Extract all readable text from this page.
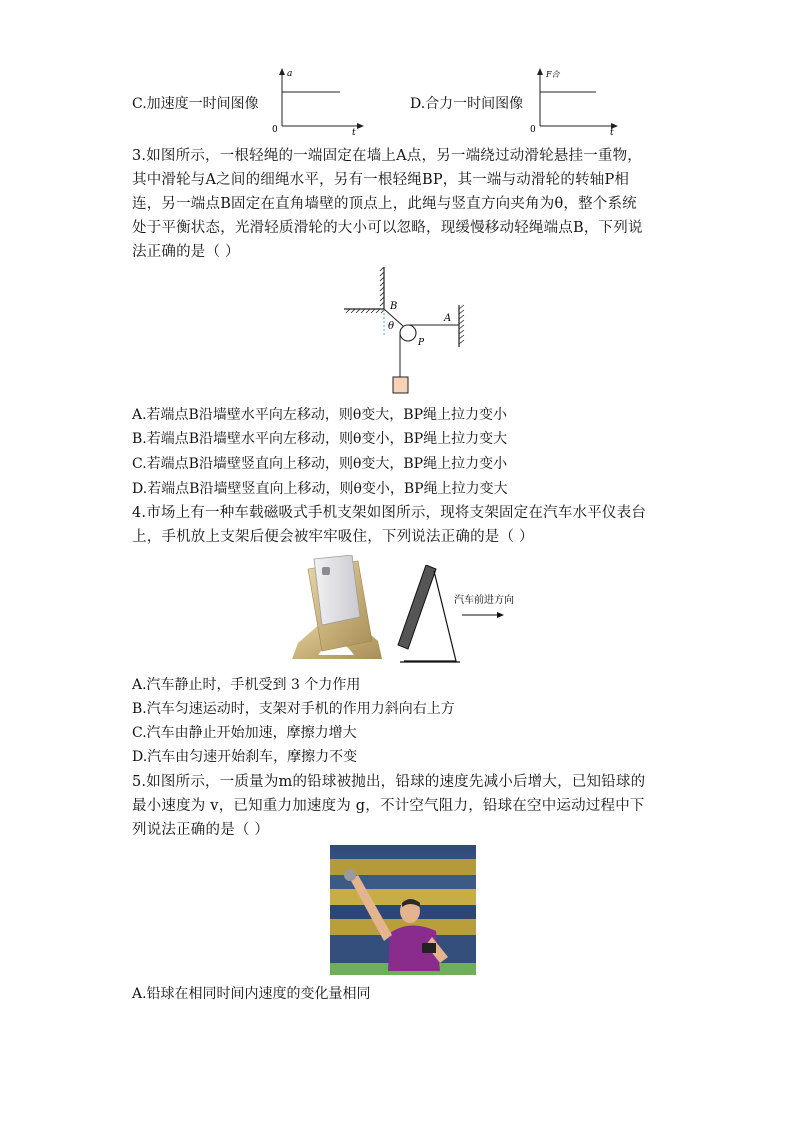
C.加速度一时间图像
a
0	t
D.合力一时间图像
F合
0	t
3.如图所示，一根轻绳的一端固定在墙上A点，另一端绕过动滑轮悬挂一重物，
其中滑轮与A之间的细绳水平，另有一根轻绳BP，其一端与动滑轮的转轴P相
连，另一端点B固定在直角墙壁的顶点上，此绳与竖直方向夹角为θ，整个系统
处于平衡状态，光滑轻质滑轮的大小可以忽略，现缓慢移动轻绳端点B，下列说
法正确的是（ ）
B
A
P
θ
A.若端点B沿墙壁水平向左移动，则θ变大，BP绳上拉力变小
B.若端点B沿墙壁水平向左移动，则θ变小，BP绳上拉力变大
C.若端点B沿墙壁竖直向上移动，则θ变大，BP绳上拉力变小
D.若端点B沿墙壁竖直向上移动，则θ变小，BP绳上拉力变大
4.市场上有一种车载磁吸式手机支架如图所示，现将支架固定在汽车水平仪表台
上，手机放上支架后便会被牢牢吸住，下列说法正确的是（ ）
汽车前进方向
A.汽车静止时，手机受到 3 个力作用
B.汽车匀速运动时，支架对手机的作用力斜向右上方
C.汽车由静止开始加速，摩擦力增大
D.汽车由匀速开始刹车，摩擦力不变
5.如图所示，一质量为m的铅球被抛出，铅球的速度先减小后增大，已知铅球的
最小速度为 v，已知重力加速度为 g，不计空气阻力，铅球在空中运动过程中下
列说法正确的是（ ）
A.铅球在相同时间内速度的变化量相同
